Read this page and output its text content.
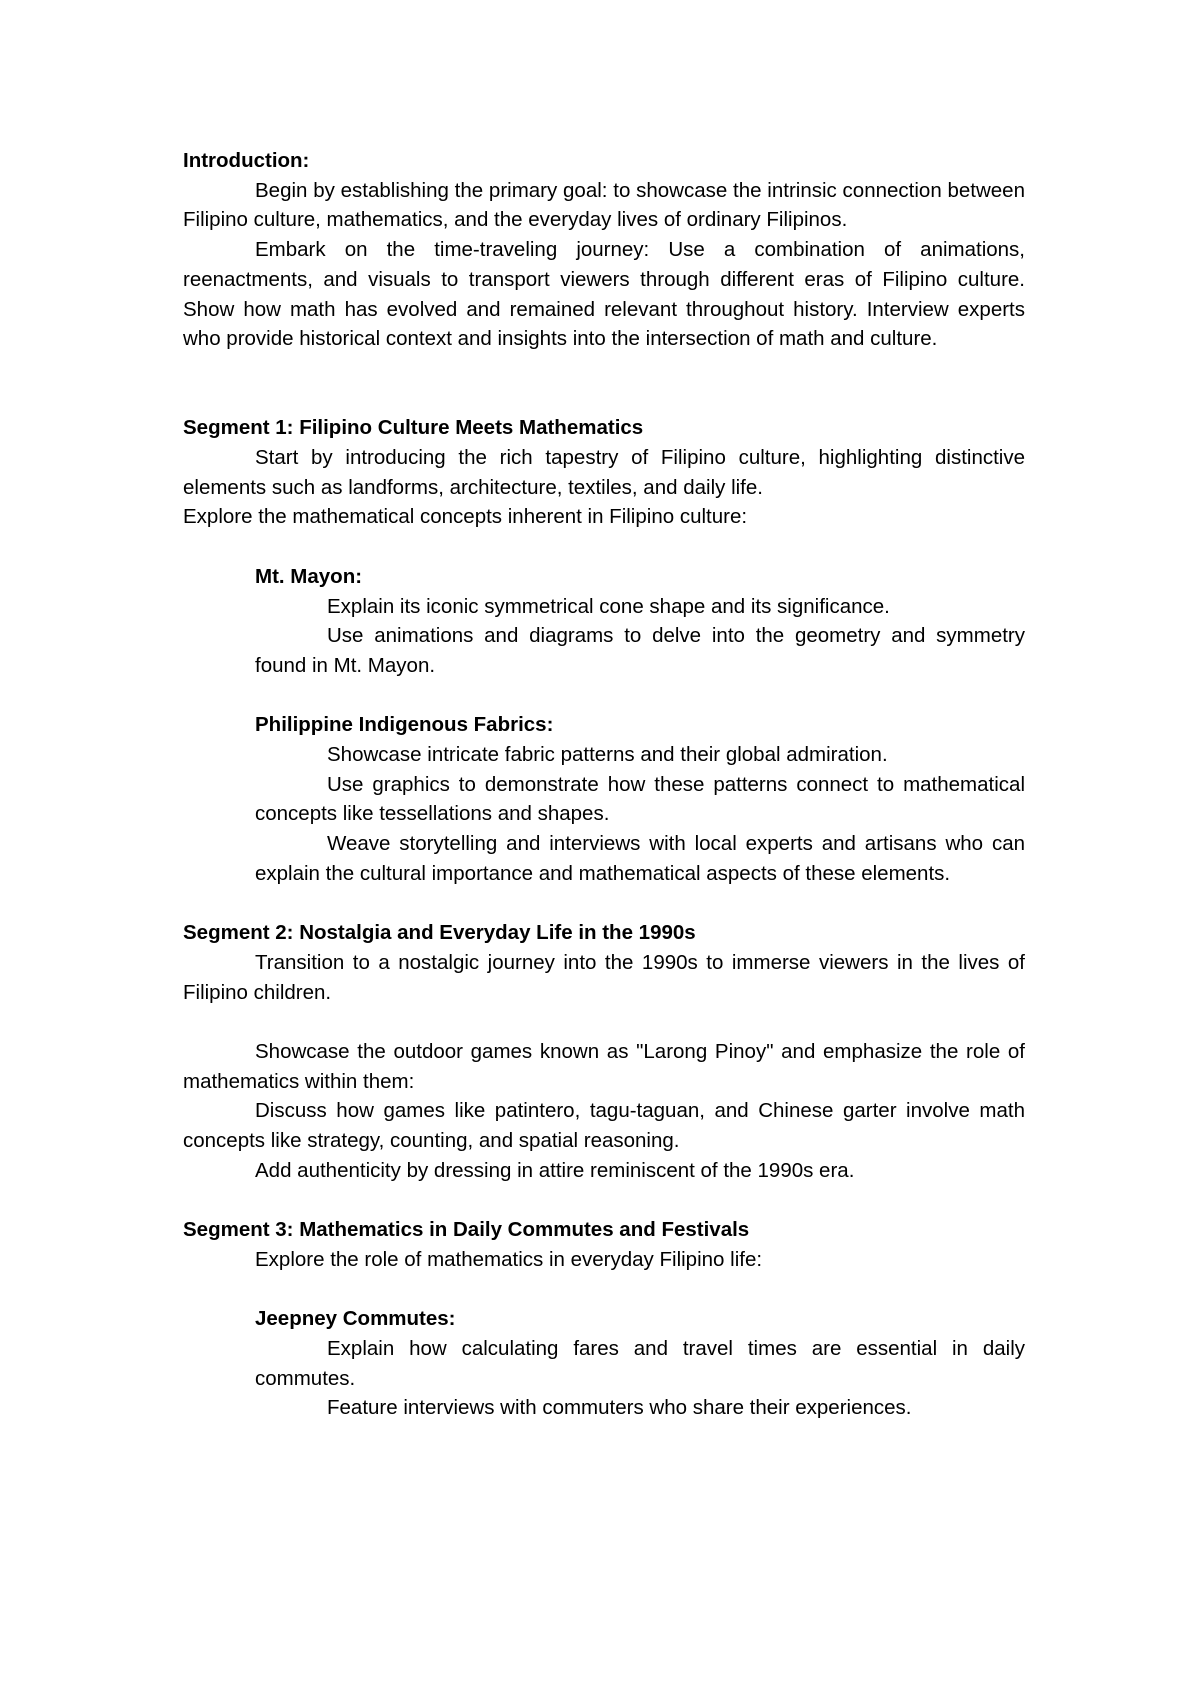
Introduction:

Begin by establishing the primary goal: to showcase the intrinsic connection between Filipino culture, mathematics, and the everyday lives of ordinary Filipinos.

Embark on the time-traveling journey: Use a combination of animations, reenactments, and visuals to transport viewers through different eras of Filipino culture. Show how math has evolved and remained relevant throughout history. Interview experts who provide historical context and insights into the intersection of math and culture.

Segment 1: Filipino Culture Meets Mathematics

Start by introducing the rich tapestry of Filipino culture, highlighting distinctive elements such as landforms, architecture, textiles, and daily life.

Explore the mathematical concepts inherent in Filipino culture:

Mt. Mayon:

Explain its iconic symmetrical cone shape and its significance.

Use animations and diagrams to delve into the geometry and symmetry found in Mt. Mayon.

Philippine Indigenous Fabrics:

Showcase intricate fabric patterns and their global admiration.

Use graphics to demonstrate how these patterns connect to mathematical concepts like tessellations and shapes.

Weave storytelling and interviews with local experts and artisans who can explain the cultural importance and mathematical aspects of these elements.

Segment 2: Nostalgia and Everyday Life in the 1990s

Transition to a nostalgic journey into the 1990s to immerse viewers in the lives of Filipino children.

Showcase the outdoor games known as "Larong Pinoy" and emphasize the role of mathematics within them:

Discuss how games like patintero, tagu-taguan, and Chinese garter involve math concepts like strategy, counting, and spatial reasoning.

Add authenticity by dressing in attire reminiscent of the 1990s era.

Segment 3: Mathematics in Daily Commutes and Festivals

Explore the role of mathematics in everyday Filipino life:

Jeepney Commutes:

Explain how calculating fares and travel times are essential in daily commutes.

Feature interviews with commuters who share their experiences.
